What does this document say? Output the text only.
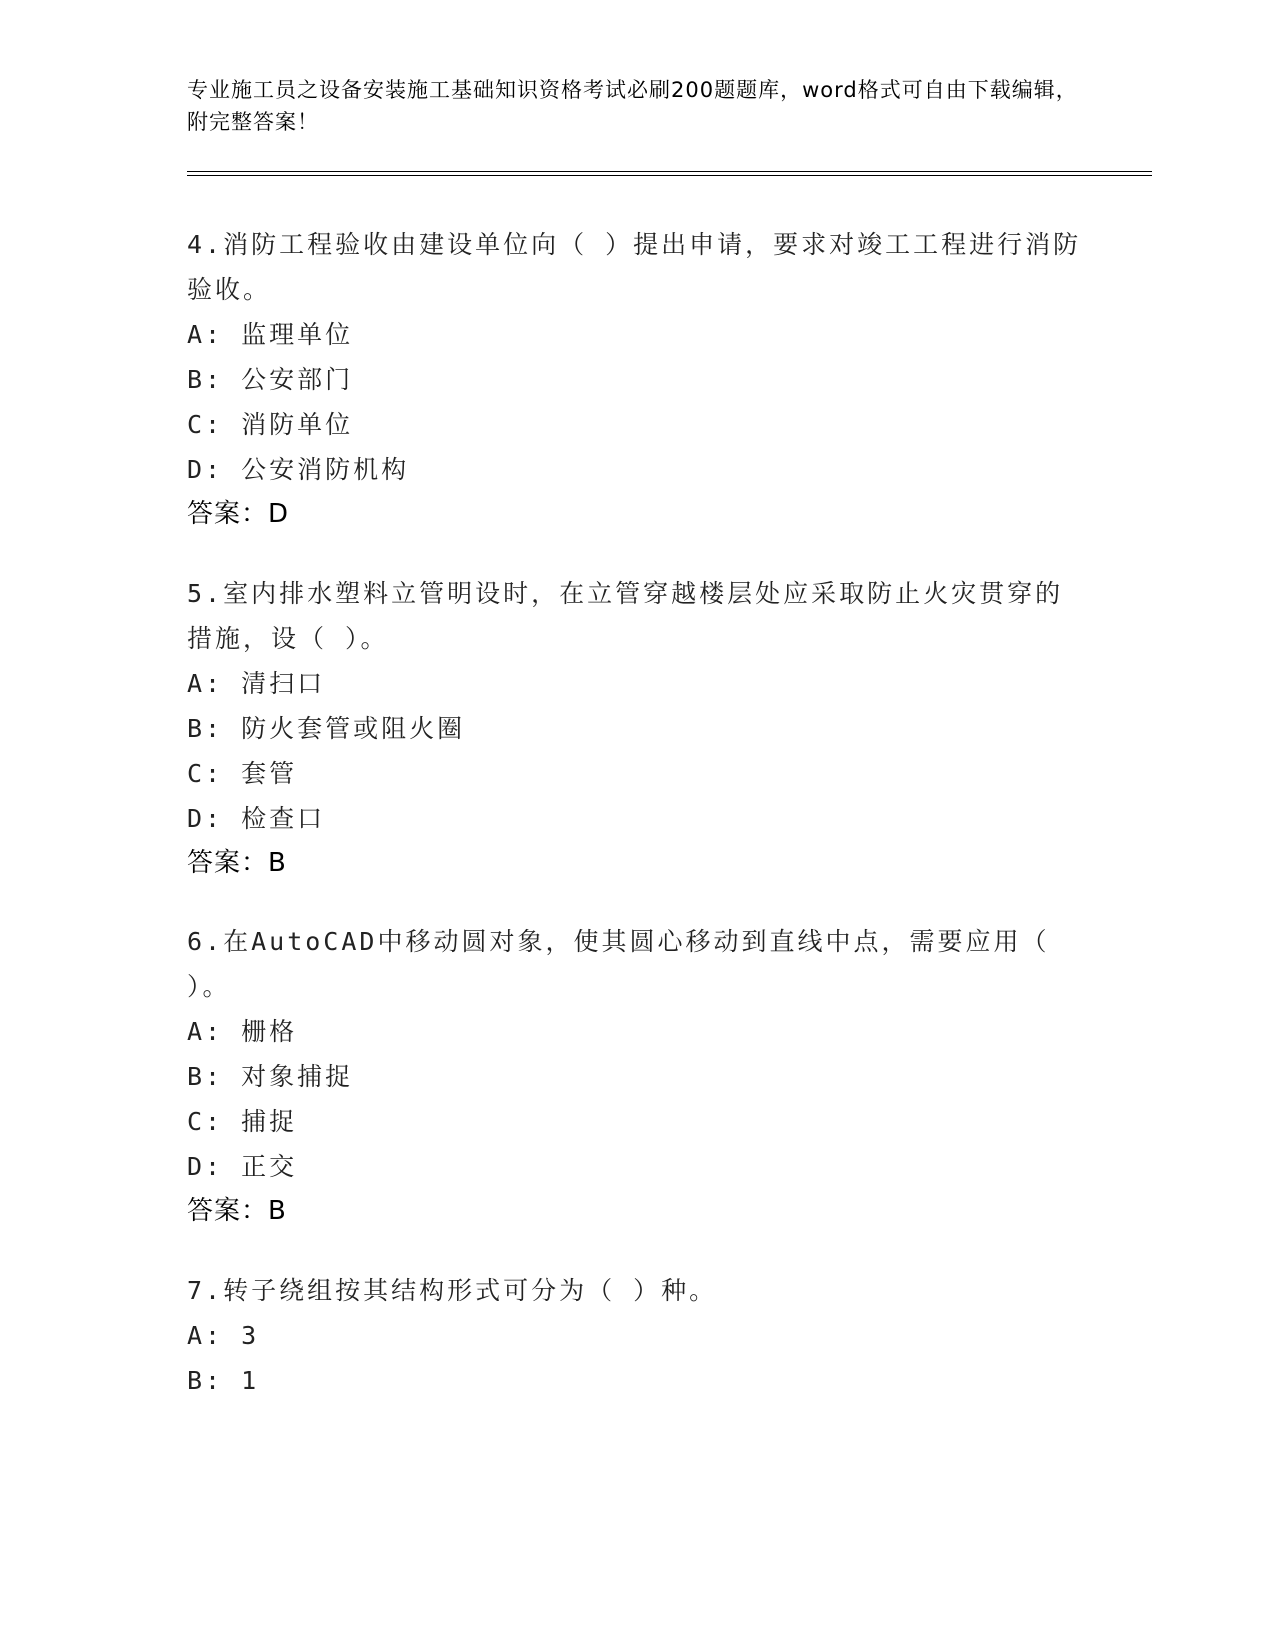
专业施工员之设备安装施工基础知识资格考试必刷200题题库，word格式可自由下载编辑，附完整答案！

4.消防工程验收由建设单位向（ ）提出申请，要求对竣工工程进行消防验收。

A: 监理单位

B: 公安部门

C: 消防单位

D: 公安消防机构

答案：D

5.室内排水塑料立管明设时，在立管穿越楼层处应采取防止火灾贯穿的措施，设（ ）。

A: 清扫口

B: 防火套管或阻火圈

C: 套管

D: 检查口

答案：B

6.在AutoCAD中移动圆对象，使其圆心移动到直线中点，需要应用（ ）。

A: 栅格

B: 对象捕捉

C: 捕捉

D: 正交

答案：B

7.转子绕组按其结构形式可分为（ ）种。

A: 3

B: 1
